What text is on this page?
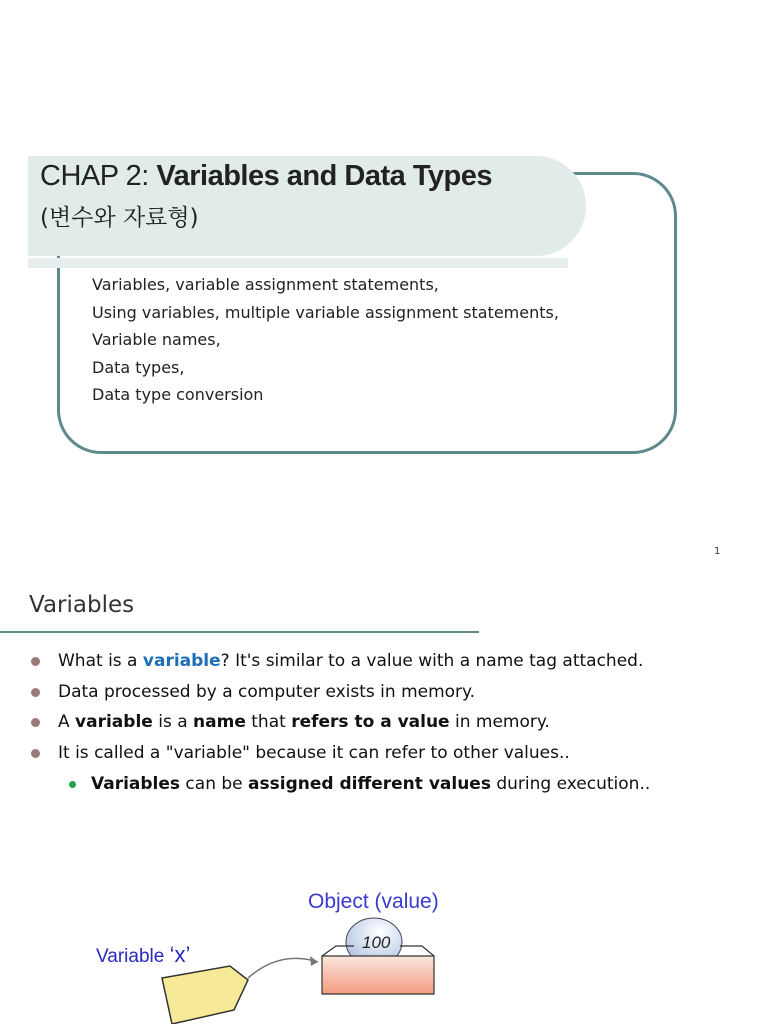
CHAP 2: Variables and Data Types
(변수와 자료형)
Variables, variable assignment statements,
Using variables, multiple variable assignment statements,
Variable names,
Data types,
Data type conversion
1
Variables
What is a variable? It's similar to a value with a name tag attached.
Data processed by a computer exists in memory.
A variable is a name that refers to a value in memory.
It is called a "variable" because it can refer to other values..
Variables can be assigned different values during execution..
Object (value)
Variable ‘x’	100
